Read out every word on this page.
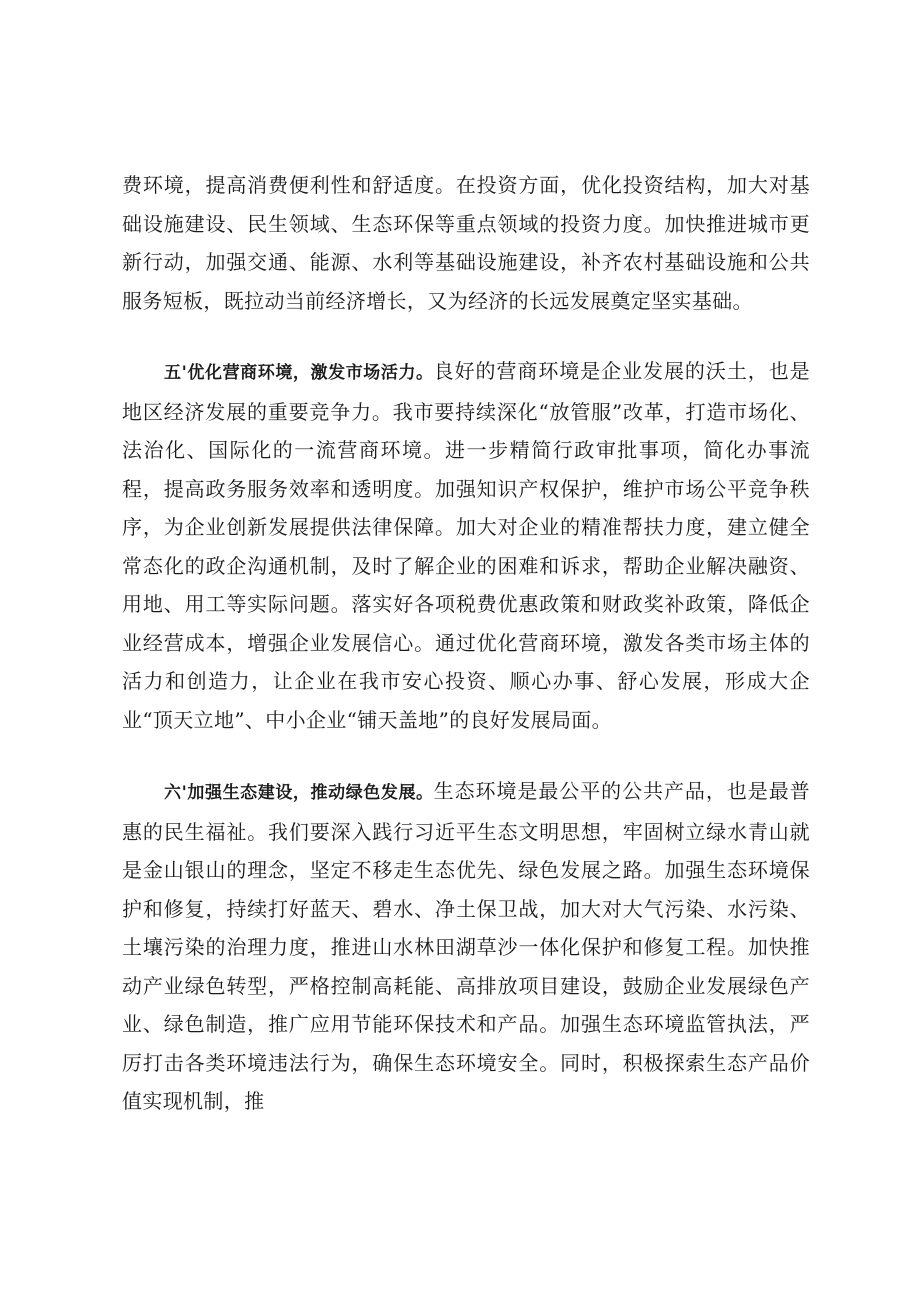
费环境，提高消费便利性和舒适度。在投资方面，优化投资结构，加大对基础设施建设、民生领域、生态环保等重点领域的投资力度。加快推进城市更新行动，加强交通、能源、水利等基础设施建设，补齐农村基础设施和公共服务短板，既拉动当前经济增长，又为经济的长远发展奠定坚实基础。

五'优化营商环境，激发市场活力。良好的营商环境是企业发展的沃土，也是地区经济发展的重要竞争力。我市要持续深化“放管服”改革，打造市场化、法治化、国际化的一流营商环境。进一步精简行政审批事项，简化办事流程，提高政务服务效率和透明度。加强知识产权保护，维护市场公平竞争秩序，为企业创新发展提供法律保障。加大对企业的精准帮扶力度，建立健全常态化的政企沟通机制，及时了解企业的困难和诉求，帮助企业解决融资、用地、用工等实际问题。落实好各项税费优惠政策和财政奖补政策，降低企业经营成本，增强企业发展信心。通过优化营商环境，激发各类市场主体的活力和创造力，让企业在我市安心投资、顺心办事、舒心发展，形成大企业“顶天立地”、中小企业“铺天盖地”的良好发展局面。

六'加强生态建设，推动绿色发展。生态环境是最公平的公共产品，也是最普惠的民生福祉。我们要深入践行习近平生态文明思想，牢固树立绿水青山就是金山银山的理念，坚定不移走生态优先、绿色发展之路。加强生态环境保护和修复，持续打好蓝天、碧水、净土保卫战，加大对大气污染、水污染、土壤污染的治理力度，推进山水林田湖草沙一体化保护和修复工程。加快推动产业绿色转型，严格控制高耗能、高排放项目建设，鼓励企业发展绿色产业、绿色制造，推广应用节能环保技术和产品。加强生态环境监管执法，严厉打击各类环境违法行为，确保生态环境安全。同时，积极探索生态产品价值实现机制，推
